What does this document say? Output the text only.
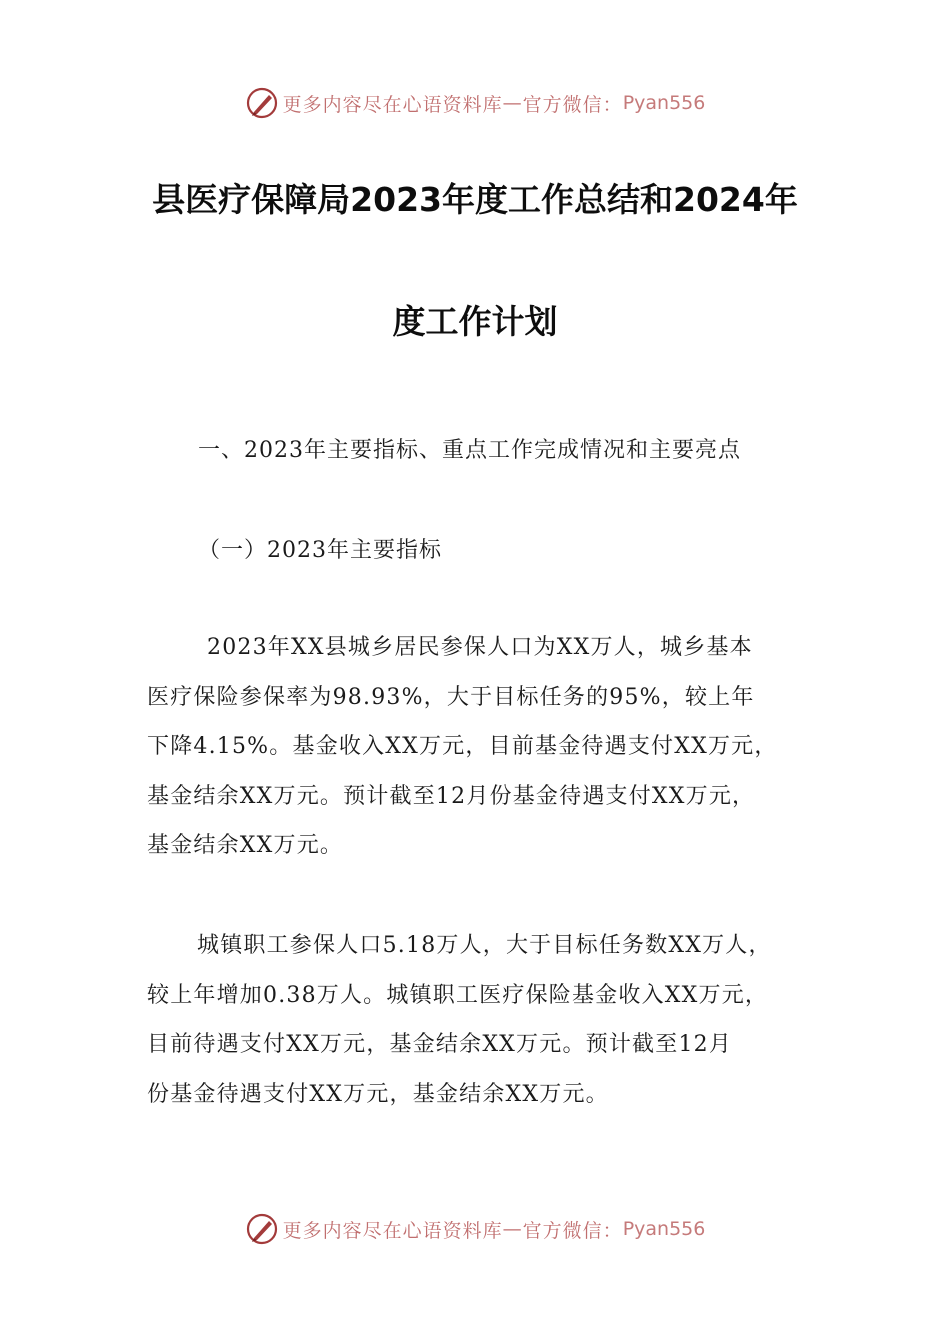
更多内容尽在心语资料库 — 官方微信： Pyan556
县医疗保障局2023年度工作总结和2024年
度工作计划
一、2023年主要指标、重点工作完成情况和主要亮点
（一）2023年主要指标
2023年XX县城乡居民参保人口为XX万人，城乡基本
医疗保险参保率为98.93%，大于目标任务的95%，较上年
下降4.15%。基金收入XX万元，目前基金待遇支付XX万元，
基金结余XX万元。预计截至12月份基金待遇支付XX万元，
基金结余XX万元。
城镇职工参保人口5.18万人，大于目标任务数XX万人，
较上年增加0.38万人。城镇职工医疗保险基金收入XX万元，
目前待遇支付XX万元，基金结余XX万元。预计截至12月
份基金待遇支付XX万元，基金结余XX万元。
更多内容尽在心语资料库 — 官方微信： Pyan556
